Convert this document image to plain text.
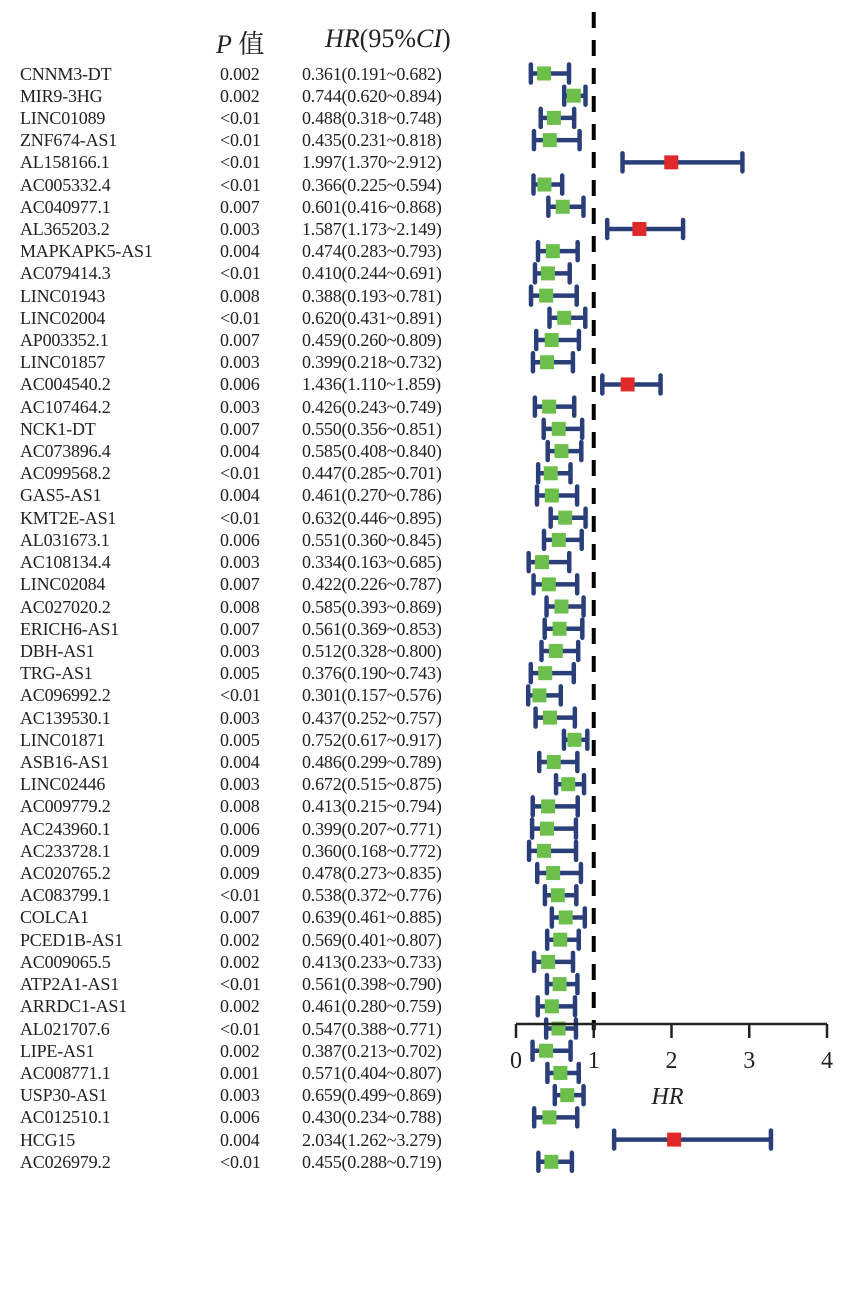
P 值 HR(95%CI)
CNNM3-DT	0.002 0.361(0.191~0.682)
MIR9-3HG	0.002 0.744(0.620~0.894)
LINC01089	<0.01 0.488(0.318~0.748)
ZNF674-AS1	<0.01 0.435(0.231~0.818)
AL158166.1	<0.01 1.997(1.370~2.912)
AC005332.4	<0.01 0.366(0.225~0.594)
AC040977.1	0.007 0.601(0.416~0.868)
AL365203.2	0.003 1.587(1.173~2.149)
MAPKAPK5-AS1	0.004 0.474(0.283~0.793)
AC079414.3	<0.01 0.410(0.244~0.691)
LINC01943	0.008 0.388(0.193~0.781)
LINC02004	<0.01 0.620(0.431~0.891)
AP003352.1	0.007 0.459(0.260~0.809)
LINC01857	0.003 0.399(0.218~0.732)
AC004540.2	0.006 1.436(1.110~1.859)
AC107464.2	0.003 0.426(0.243~0.749)
NCK1-DT	0.007 0.550(0.356~0.851)
AC073896.4	0.004 0.585(0.408~0.840)
AC099568.2	<0.01 0.447(0.285~0.701)
GAS5-AS1	0.004 0.461(0.270~0.786)
KMT2E-AS1	<0.01 0.632(0.446~0.895)
AL031673.1	0.006 0.551(0.360~0.845)
AC108134.4	0.003 0.334(0.163~0.685)
LINC02084	0.007 0.422(0.226~0.787)
AC027020.2	0.008 0.585(0.393~0.869)
ERICH6-AS1	0.007 0.561(0.369~0.853)
DBH-AS1	0.003 0.512(0.328~0.800)
TRG-AS1	0.005 0.376(0.190~0.743)
AC096992.2	<0.01 0.301(0.157~0.576)
AC139530.1	0.003 0.437(0.252~0.757)
LINC01871	0.005 0.752(0.617~0.917)
ASB16-AS1	0.004 0.486(0.299~0.789)
LINC02446	0.003 0.672(0.515~0.875)
AC009779.2	0.008 0.413(0.215~0.794)
AC243960.1	0.006 0.399(0.207~0.771)
AC233728.1	0.009 0.360(0.168~0.772)
AC020765.2	0.009 0.478(0.273~0.835)
AC083799.1	<0.01 0.538(0.372~0.776)
COLCA1	0.007 0.639(0.461~0.885)
PCED1B-AS1	0.002 0.569(0.401~0.807)
AC009065.5	0.002 0.413(0.233~0.733)
ATP2A1-AS1	<0.01 0.561(0.398~0.790)
ARRDC1-AS1	0.002 0.461(0.280~0.759)
AL021707.6	<0.01 0.547(0.388~0.771)
LIPE-AS1	0.002 0.387(0.213~0.702)
AC008771.1	0.001 0.571(0.404~0.807)
USP30-AS1	0.003 0.659(0.499~0.869)
AC012510.1	0.006 0.430(0.234~0.788)
HCG15	0.004 2.034(1.262~3.279)
AC026979.2	<0.01 0.455(0.288~0.719)
0	1	2	3	4
HR
